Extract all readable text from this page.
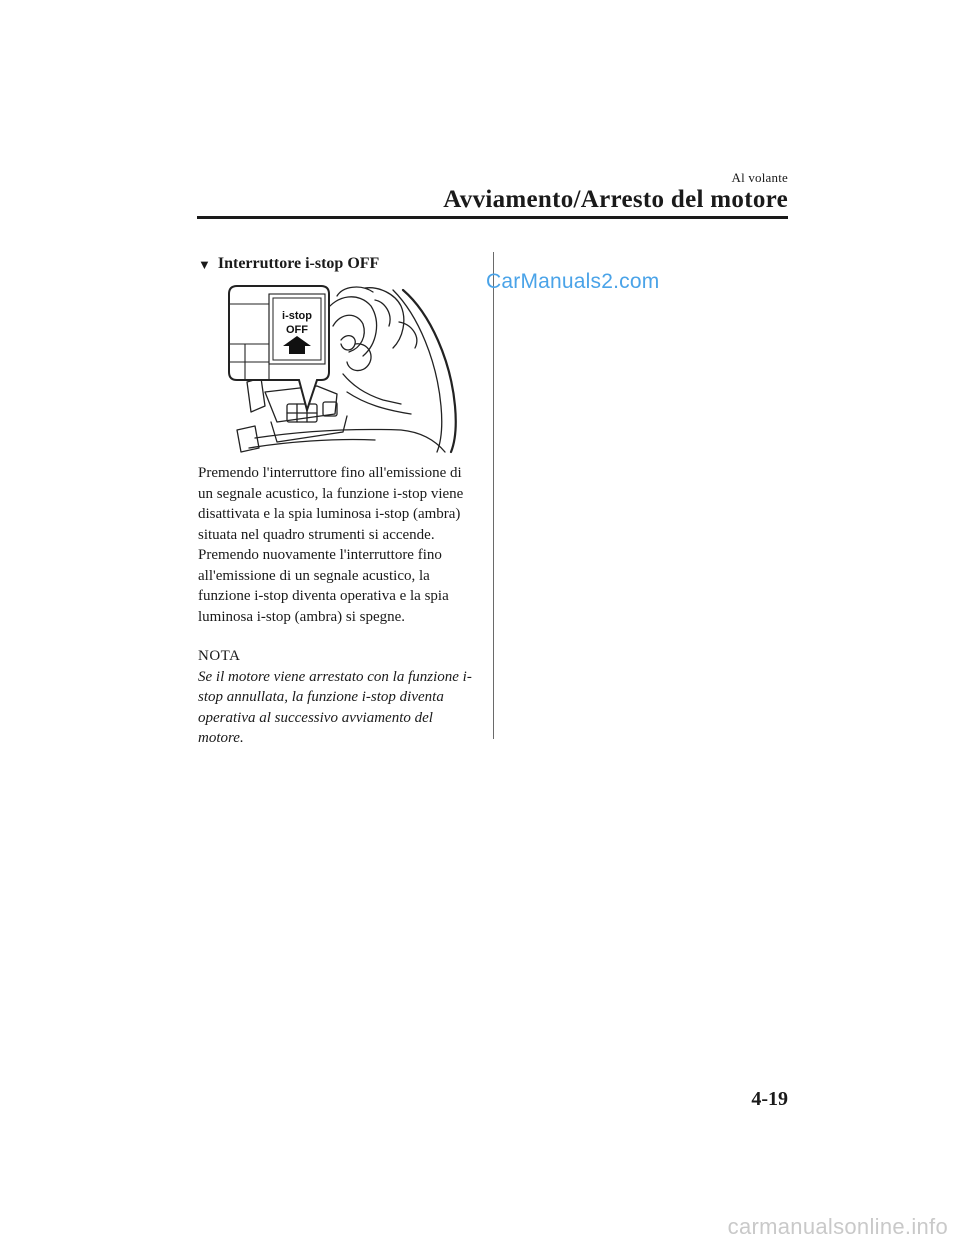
Al volante
Avviamento/Arresto del motore
CarManuals2.com
▼ Interruttore i-stop OFF
i-stop
OFF

Premendo l'interruttore fino all'emissione di un segnale acustico, la funzione i-stop viene disattivata e la spia luminosa i-stop (ambra) situata nel quadro strumenti si accende. Premendo nuovamente l'interruttore fino all'emissione di un segnale acustico, la funzione i-stop diventa operativa e la spia luminosa i-stop (ambra) si spegne.

NOTA

Se il motore viene arrestato con la funzione i-stop annullata, la funzione i-stop diventa operativa al successivo avviamento del motore.

4-19
carmanualsonline.info
